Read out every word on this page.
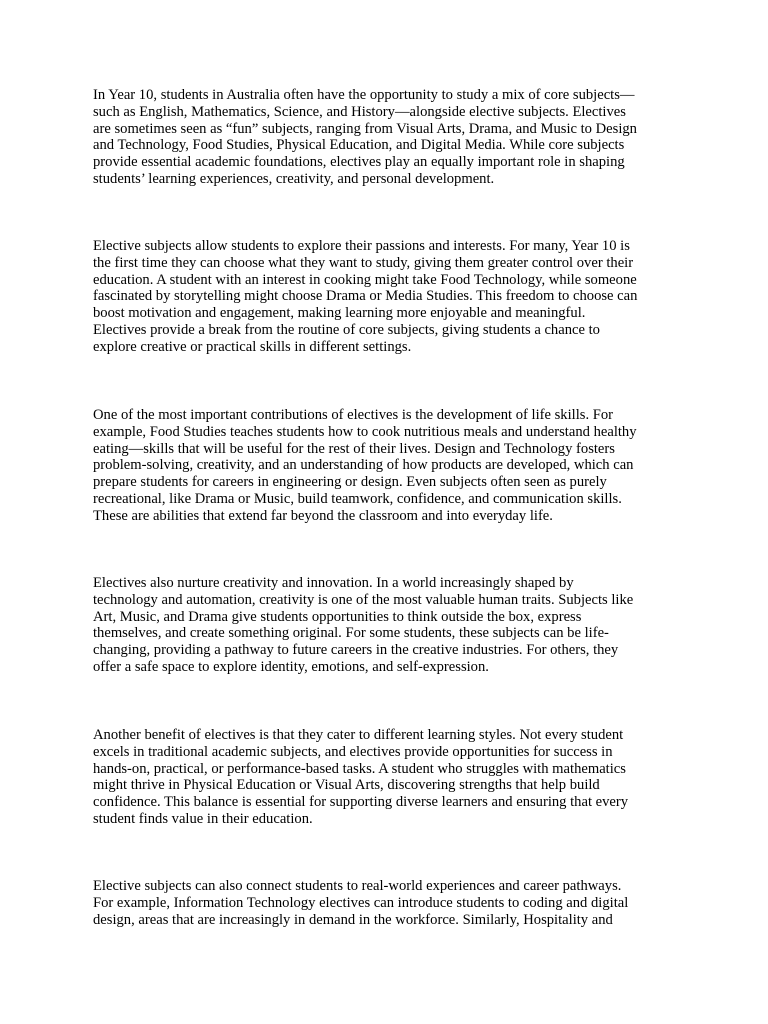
In Year 10, students in Australia often have the opportunity to study a mix of core subjects—
such as English, Mathematics, Science, and History—alongside elective subjects. Electives
are sometimes seen as “fun” subjects, ranging from Visual Arts, Drama, and Music to Design
and Technology, Food Studies, Physical Education, and Digital Media. While core subjects
provide essential academic foundations, electives play an equally important role in shaping
students’ learning experiences, creativity, and personal development.

Elective subjects allow students to explore their passions and interests. For many, Year 10 is
the first time they can choose what they want to study, giving them greater control over their
education. A student with an interest in cooking might take Food Technology, while someone
fascinated by storytelling might choose Drama or Media Studies. This freedom to choose can
boost motivation and engagement, making learning more enjoyable and meaningful.
Electives provide a break from the routine of core subjects, giving students a chance to
explore creative or practical skills in different settings.

One of the most important contributions of electives is the development of life skills. For
example, Food Studies teaches students how to cook nutritious meals and understand healthy
eating—skills that will be useful for the rest of their lives. Design and Technology fosters
problem-solving, creativity, and an understanding of how products are developed, which can
prepare students for careers in engineering or design. Even subjects often seen as purely
recreational, like Drama or Music, build teamwork, confidence, and communication skills.
These are abilities that extend far beyond the classroom and into everyday life.

Electives also nurture creativity and innovation. In a world increasingly shaped by
technology and automation, creativity is one of the most valuable human traits. Subjects like
Art, Music, and Drama give students opportunities to think outside the box, express
themselves, and create something original. For some students, these subjects can be life-
changing, providing a pathway to future careers in the creative industries. For others, they
offer a safe space to explore identity, emotions, and self-expression.

Another benefit of electives is that they cater to different learning styles. Not every student
excels in traditional academic subjects, and electives provide opportunities for success in
hands-on, practical, or performance-based tasks. A student who struggles with mathematics
might thrive in Physical Education or Visual Arts, discovering strengths that help build
confidence. This balance is essential for supporting diverse learners and ensuring that every
student finds value in their education.

Elective subjects can also connect students to real-world experiences and career pathways.
For example, Information Technology electives can introduce students to coding and digital
design, areas that are increasingly in demand in the workforce. Similarly, Hospitality and
